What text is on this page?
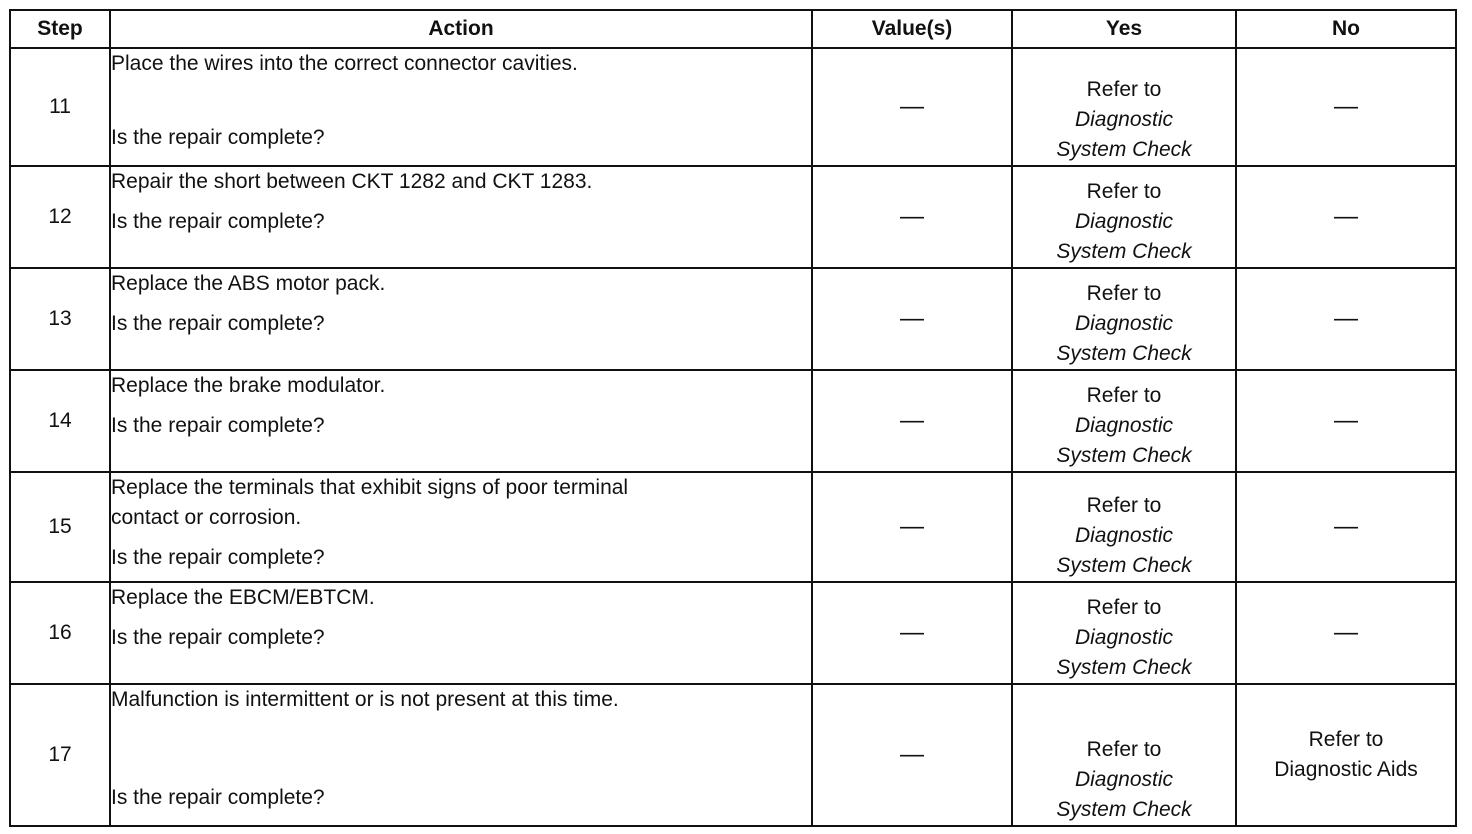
Step	Action	Value(s)	Yes	No
11	Place the wires into the correct connector cavities.
Is the repair complete?	—	Refer to
Diagnostic
System Check	—

12	Repair the short between CKT 1282 and CKT 1283.
Is the repair complete?	—	Refer to
Diagnostic
System Check	—

13	Replace the ABS motor pack.
Is the repair complete?	—	Refer to
Diagnostic
System Check	—

14	Replace the brake modulator.
Is the repair complete?	—	Refer to
Diagnostic
System Check	—

15	Replace the terminals that exhibit signs of poor terminal
contact or corrosion.
Is the repair complete?	—	Refer to
Diagnostic
System Check	—

16	Replace the EBCM/EBTCM.
Is the repair complete?	—	Refer to
Diagnostic
System Check	—

17	Malfunction is intermittent or is not present at this time.
Is the repair complete?	—	Refer to
Diagnostic
System Check	Refer to
Diagnostic Aids
